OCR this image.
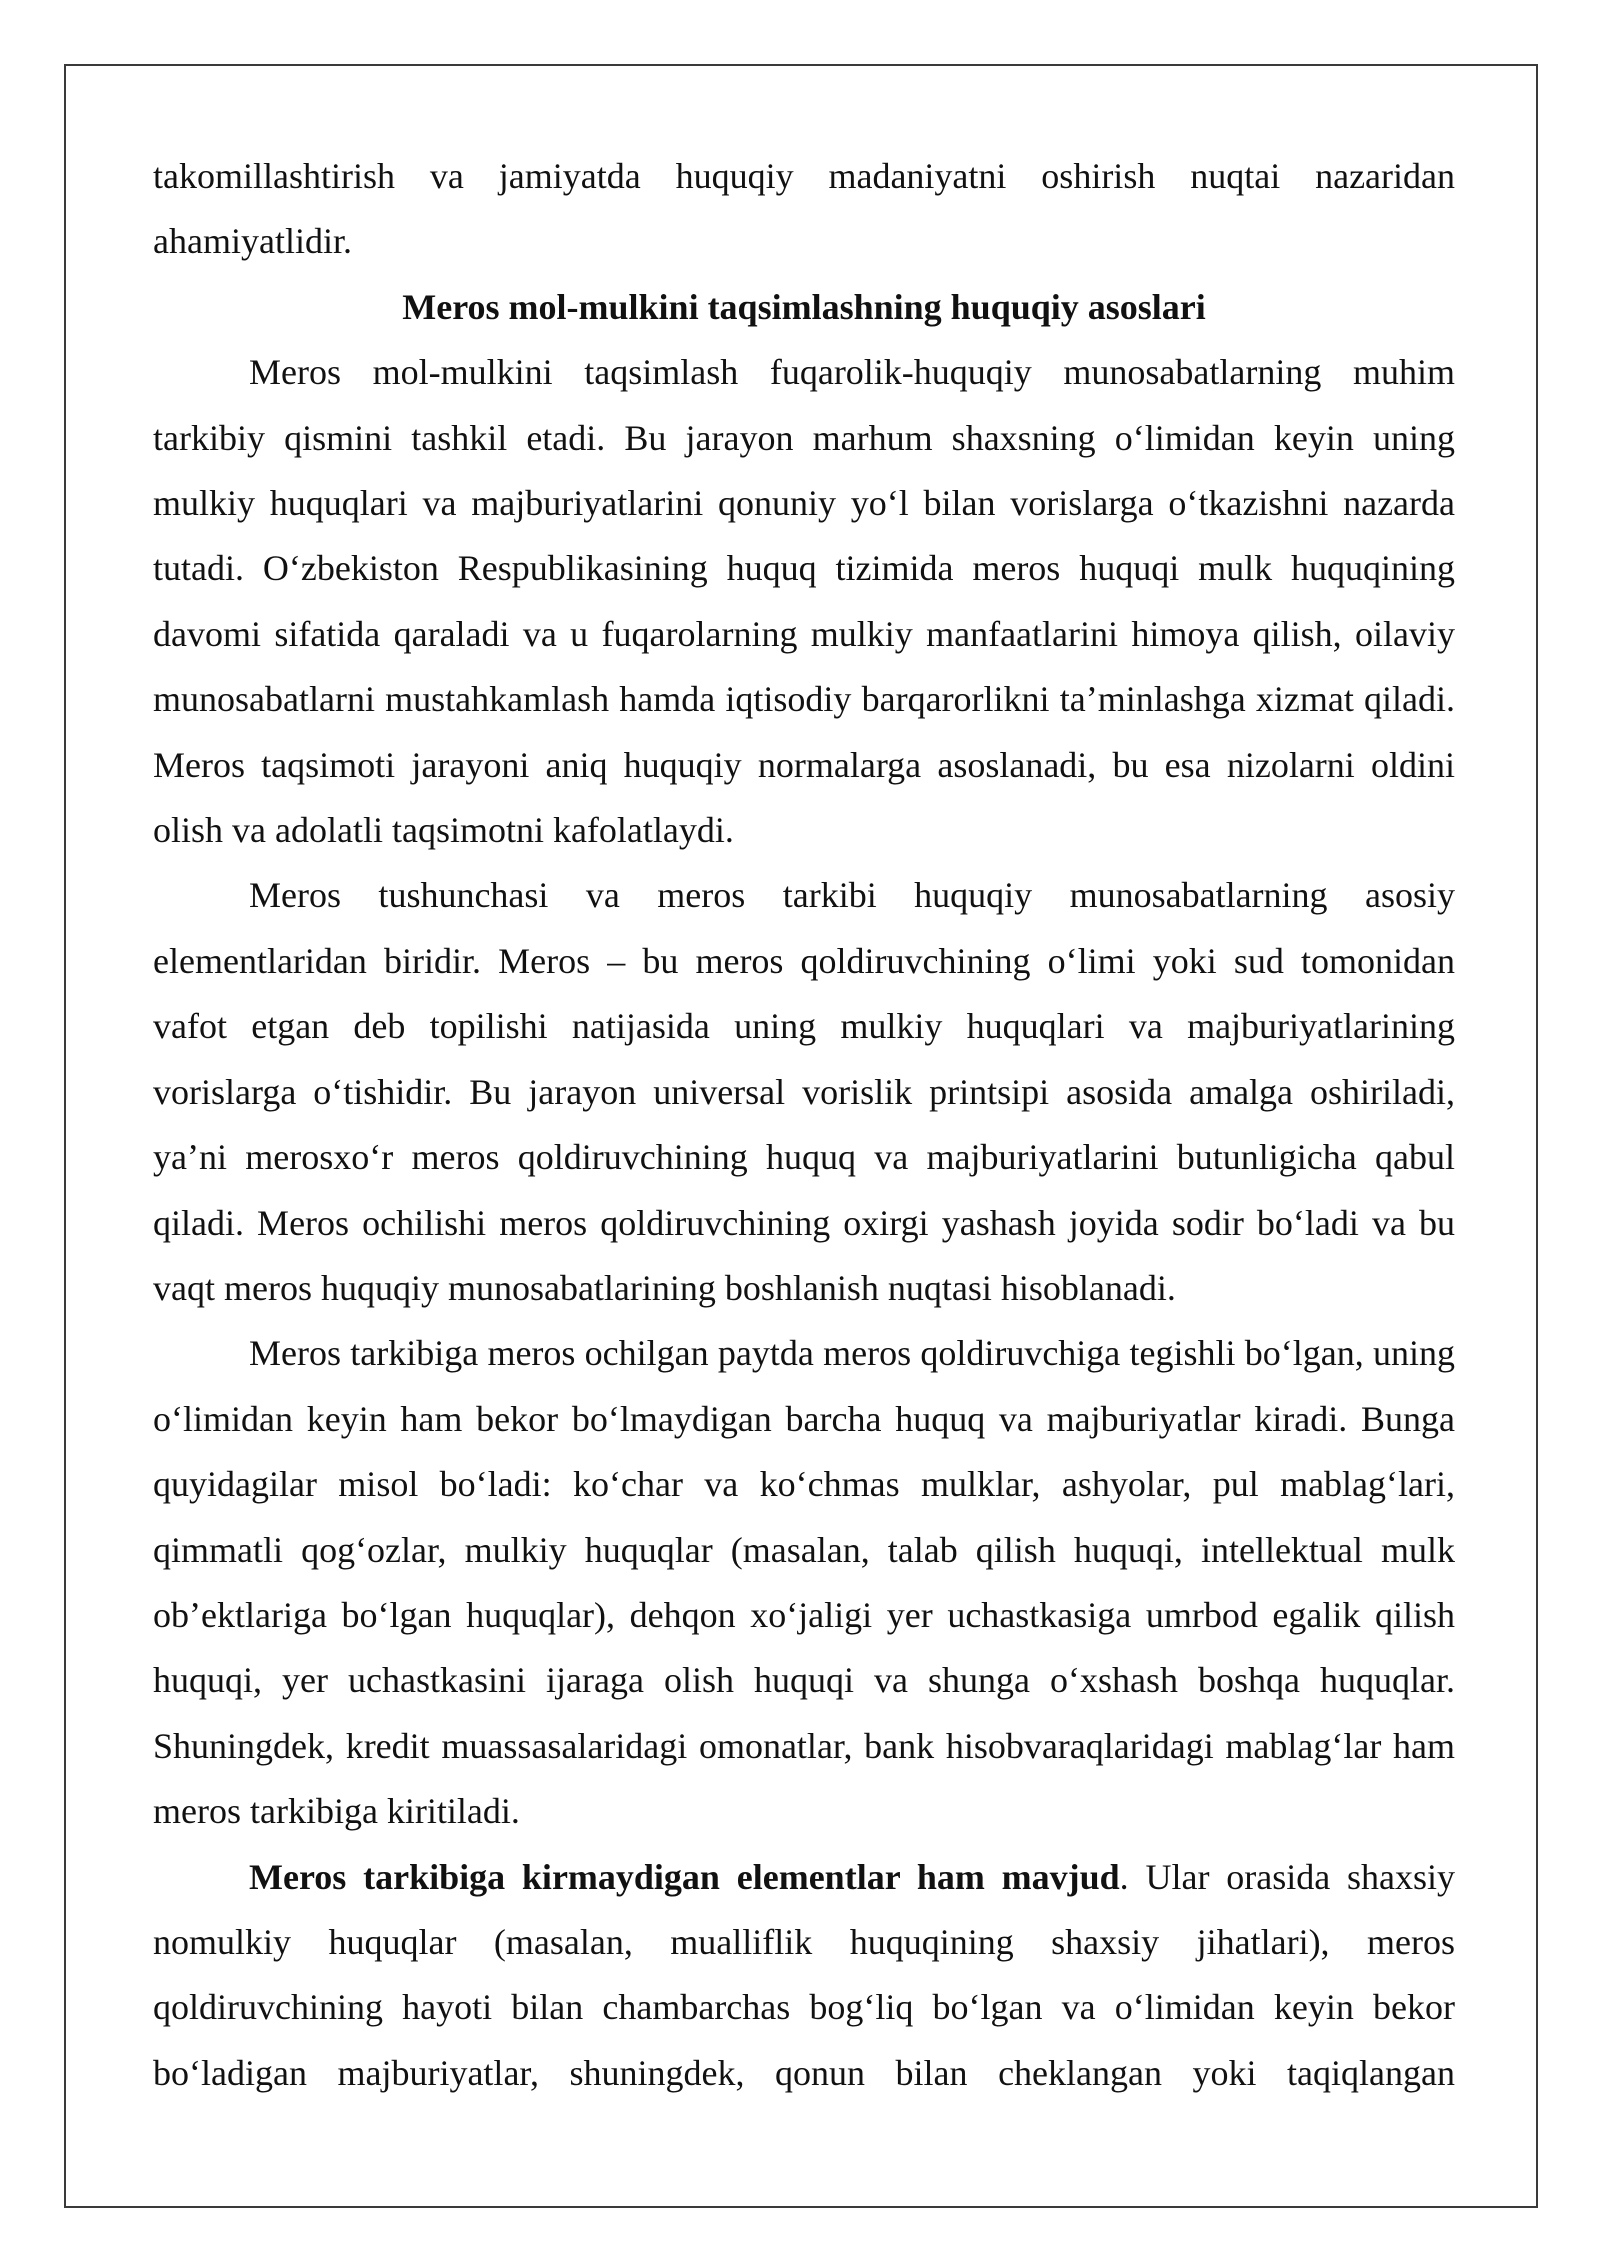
takomillashtirish va jamiyatda huquqiy madaniyatni oshirish nuqtai nazaridan ahamiyatlidir.

Meros mol-mulkini taqsimlashning huquqiy asoslari

Meros mol-mulkini taqsimlash fuqarolik-huquqiy munosabatlarning muhim tarkibiy qismini tashkil etadi. Bu jarayon marhum shaxsning oʻlimidan keyin uning mulkiy huquqlari va majburiyatlarini qonuniy yoʻl bilan vorislarga oʻtkazishni nazarda tutadi. Oʻzbekiston Respublikasining huquq tizimida meros huquqi mulk huquqining davomi sifatida qaraladi va u fuqarolarning mulkiy manfaatlarini himoya qilish, oilaviy munosabatlarni mustahkamlash hamda iqtisodiy barqarorlikni taʼminlashga xizmat qiladi. Meros taqsimoti jarayoni aniq huquqiy normalarga asoslanadi, bu esa nizolarni oldini olish va adolatli taqsimotni kafolatlaydi.

Meros tushunchasi va meros tarkibi huquqiy munosabatlarning asosiy elementlaridan biridir. Meros – bu meros qoldiruvchining oʻlimi yoki sud tomonidan vafot etgan deb topilishi natijasida uning mulkiy huquqlari va majburiyatlarining vorislarga oʻtishidir. Bu jarayon universal vorislik printsipi asosida amalga oshiriladi, yaʼni merosxoʻr meros qoldiruvchining huquq va majburiyatlarini butunligicha qabul qiladi. Meros ochilishi meros qoldiruvchining oxirgi yashash joyida sodir boʻladi va bu vaqt meros huquqiy munosabatlarining boshlanish nuqtasi hisoblanadi.

Meros tarkibiga meros ochilgan paytda meros qoldiruvchiga tegishli boʻlgan, uning oʻlimidan keyin ham bekor boʻlmaydigan barcha huquq va majburiyatlar kiradi. Bunga quyidagilar misol boʻladi: koʻchar va koʻchmas mulklar, ashyolar, pul mablagʻlari, qimmatli qogʻozlar, mulkiy huquqlar (masalan, talab qilish huquqi, intellektual mulk obʼektlariga boʻlgan huquqlar), dehqon xoʻjaligi yer uchastkasiga umrbod egalik qilish huquqi, yer uchastkasini ijaraga olish huquqi va shunga oʻxshash boshqa huquqlar. Shuningdek, kredit muassasalaridagi omonatlar, bank hisobvaraqlaridagi mablagʻlar ham meros tarkibiga kiritiladi.

Meros tarkibiga kirmaydigan elementlar ham mavjud. Ular orasida shaxsiy nomulkiy huquqlar (masalan, mualliflik huquqining shaxsiy jihatlari), meros qoldiruvchining hayoti bilan chambarchas bogʻliq boʻlgan va oʻlimidan keyin bekor boʻladigan majburiyatlar, shuningdek, qonun bilan cheklangan yoki taqiqlangan
